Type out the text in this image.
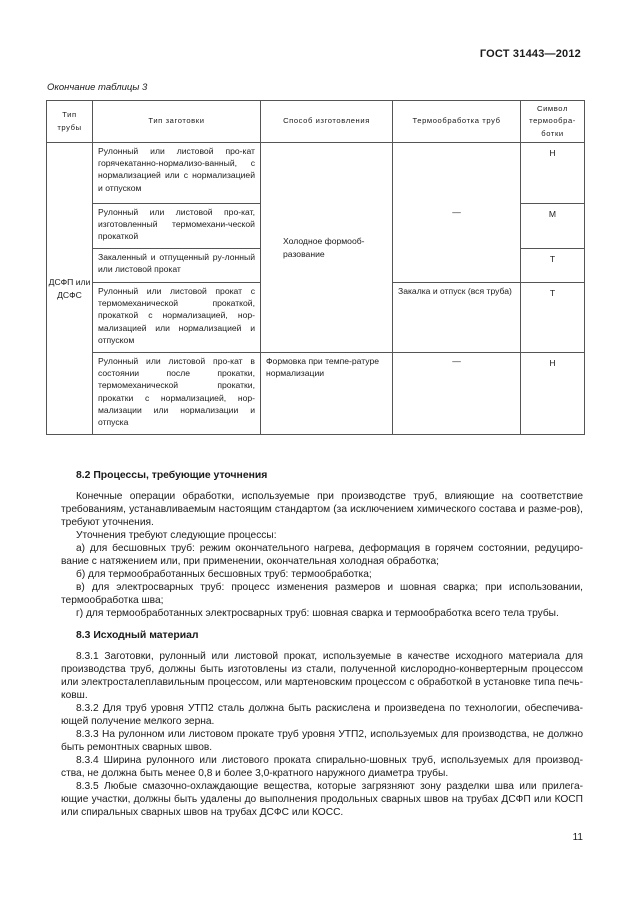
ГОСТ 31443—2012
Окончание таблицы 3
Тип трубы	Тип заготовки	Способ изготовления	Термообработка труб	Символ термообра-ботки
ДСФП или ДСФС	Рулонный или листовой про-кат горячекатанно-нормализо-ванный, с нормализацией или с нормализацией и отпуском	Холодное формооб-разование	—	Н
	Рулонный или листовой про-кат, изготовленный термомехани-ческой прокаткой			М
	Закаленный и отпущенный ру-лонный или листовой прокат			Т
	Рулонный или листовой прокат с термомеханической прокаткой, прокаткой с нормализацией, нор-мализацией или нормализацией и отпуском		Закалка и отпуск (вся труба)	Т
	Рулонный или листовой про-кат в состоянии после прокатки, термомеханической прокатки, прокатки с нормализацией, нор-мализации или нормализации и отпуска	Формовка при темпе-ратуре нормализации	—	Н
8.2 Процессы, требующие уточнения

Конечные операции обработки, используемые при производстве труб, влияющие на соответствие требованиям, устанавливаемым настоящим стандартом (за исключением химического состава и разме-ров), требуют уточнения.

Уточнения требуют следующие процессы:

а) для бесшовных труб: режим окончательного нагрева, деформация в горячем состоянии, редуциро-вание с натяжением или, при применении, окончательная холодная обработка;

б) для термообработанных бесшовных труб: термообработка;

в) для электросварных труб: процесс изменения размеров и шовная сварка; при использовании, термообработка шва;

г) для термообработанных электросварных труб: шовная сварка и термообработка всего тела трубы.

8.3 Исходный материал

8.3.1 Заготовки, рулонный или листовой прокат, используемые в качестве исходного материала для производства труб, должны быть изготовлены из стали, полученной кислородно-конвертерным процессом или электросталеплавильным процессом, или мартеновским процессом с обработкой в установке типа печь-ковш.

8.3.2 Для труб уровня УТП2 сталь должна быть раскислена и произведена по технологии, обеспечива-ющей получение мелкого зерна.

8.3.3 На рулонном или листовом прокате труб уровня УТП2, используемых для производства, не должно быть ремонтных сварных швов.

8.3.4 Ширина рулонного или листового проката спирально-шовных труб, используемых для производ-ства, не должна быть менее 0,8 и более 3,0-кратного наружного диаметра трубы.

8.3.5 Любые смазочно-охлаждающие вещества, которые загрязняют зону разделки шва или прилега-ющие участки, должны быть удалены до выполнения продольных сварных швов на трубах ДСФП или КОСП или спиральных сварных швов на трубах ДСФС или КОСС.

11
